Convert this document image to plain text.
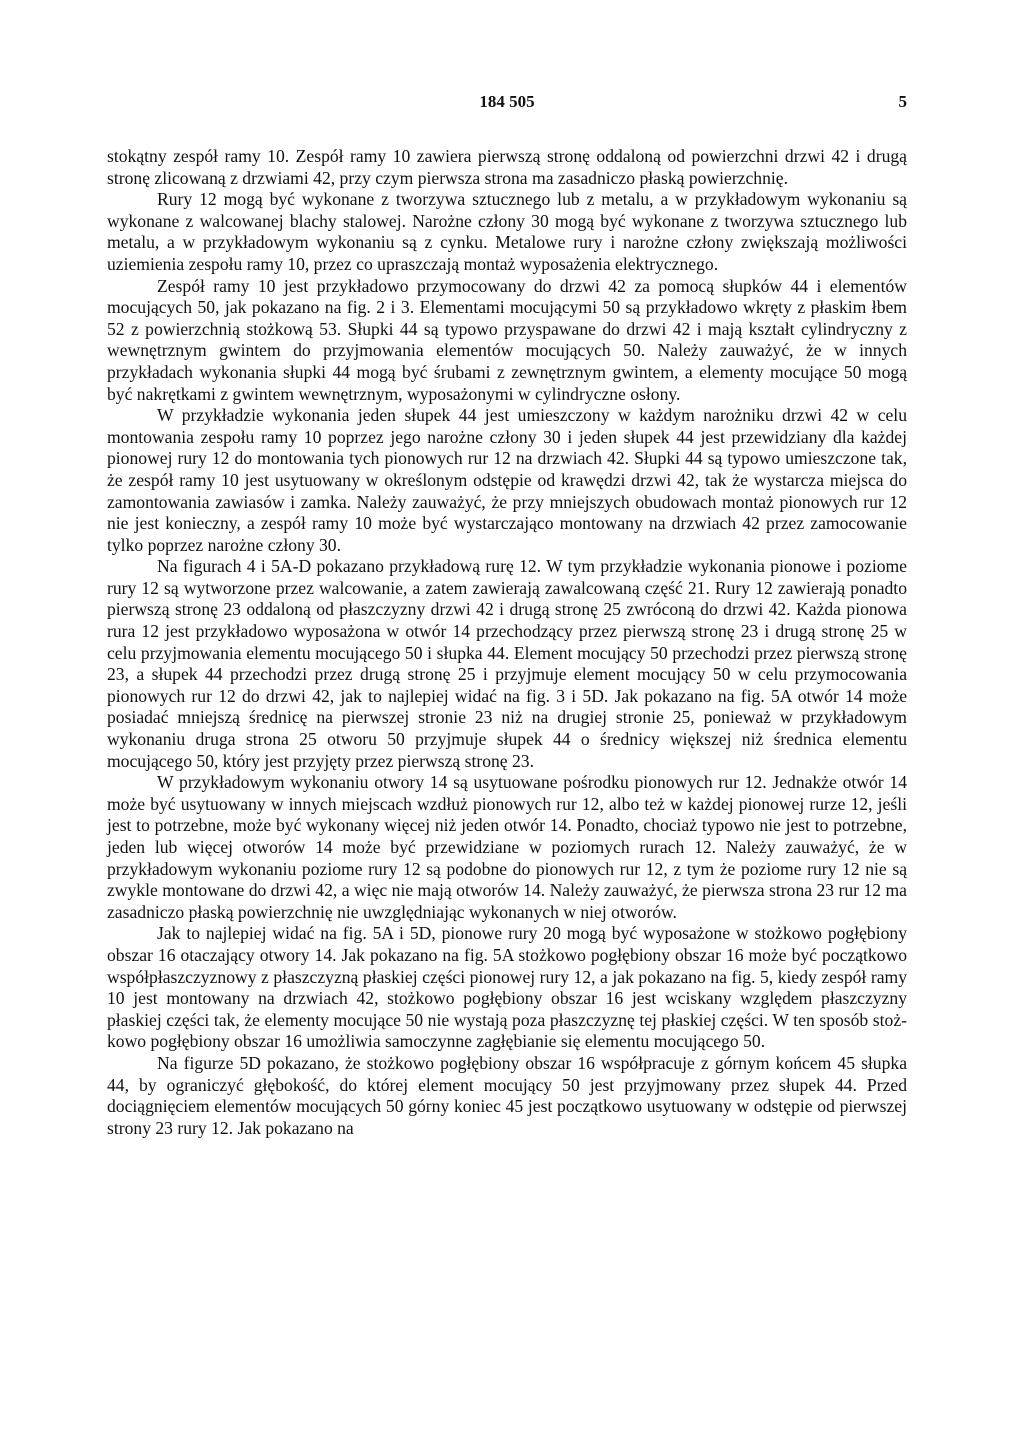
184 505	5

stokątny zespół ramy 10. Zespół ramy 10 zawiera pierwszą stronę oddaloną od powierzchni drzwi 42 i drugą stronę zlicowaną z drzwiami 42, przy czym pierwsza strona ma zasadniczo płaską powierzchnię.

Rury 12 mogą być wykonane z tworzywa sztucznego lub z metalu, a w przykładowym wykonaniu są wykonane z walcowanej blachy stalowej. Narożne człony 30 mogą być wykonane z tworzywa sztucznego lub metalu, a w przykładowym wykonaniu są z cynku. Metalowe rury i narożne człony zwiększają możliwości uziemienia zespołu ramy 10, przez co upraszczają montaż wyposażenia elektrycznego.

Zespół ramy 10 jest przykładowo przymocowany do drzwi 42 za pomocą słupków 44 i elementów mocujących 50, jak pokazano na fig. 2 i 3. Elementami mocującymi 50 są przykładowo wkręty z płaskim łbem 52 z powierzchnią stożkową 53. Słupki 44 są typowo przyspawane do drzwi 42 i mają kształt cylindryczny z wewnętrznym gwintem do przyjmowania elementów mocujących 50. Należy zauważyć, że w innych przykładach wykonania słupki 44 mogą być śrubami z zewnętrznym gwintem, a elementy mocujące 50 mogą być nakrętkami z gwintem wewnętrznym, wyposażonymi w cylindryczne osłony.

W przykładzie wykonania jeden słupek 44 jest umieszczony w każdym narożniku drzwi 42 w celu montowania zespołu ramy 10 poprzez jego narożne człony 30 i jeden słupek 44 jest przewidziany dla każdej pionowej rury 12 do montowania tych pionowych rur 12 na drzwiach 42. Słupki 44 są typowo umieszczone tak, że zespół ramy 10 jest usytuowany w określonym odstępie od krawędzi drzwi 42, tak że wystarcza miejsca do zamontowania zawiasów i zamka. Należy zauważyć, że przy mniejszych obudowach montaż pionowych rur 12 nie jest konieczny, a zespół ramy 10 może być wystarczająco montowany na drzwiach 42 przez zamocowanie tylko poprzez narożne człony 30.

Na figurach 4 i 5A-D pokazano przykładową rurę 12. W tym przykładzie wykonania pionowe i poziome rury 12 są wytworzone przez walcowanie, a zatem zawierają zawalcowaną część 21. Rury 12 zawierają ponadto pierwszą stronę 23 oddaloną od płaszczyzny drzwi 42 i drugą stronę 25 zwróconą do drzwi 42. Każda pionowa rura 12 jest przykładowo wyposażona w otwór 14 przechodzący przez pierwszą stronę 23 i drugą stronę 25 w celu przyjmowania elementu mocującego 50 i słupka 44. Element mocujący 50 przechodzi przez pierwszą stronę 23, a słupek 44 przechodzi przez drugą stronę 25 i przyjmuje element mocujący 50 w celu przymocowania pionowych rur 12 do drzwi 42, jak to najlepiej widać na fig. 3 i 5D. Jak pokazano na fig. 5A otwór 14 może posiadać mniejszą średnicę na pierwszej stronie 23 niż na drugiej stronie 25, ponieważ w przykładowym wykonaniu druga strona 25 otworu 50 przyjmuje słupek 44 o średnicy większej niż średnica elementu mocującego 50, który jest przyjęty przez pierwszą stronę 23.

W przykładowym wykonaniu otwory 14 są usytuowane pośrodku pionowych rur 12. Jednakże otwór 14 może być usytuowany w innych miejscach wzdłuż pionowych rur 12, albo też w każdej pionowej rurze 12, jeśli jest to potrzebne, może być wykonany więcej niż jeden otwór 14. Ponadto, chociaż typowo nie jest to potrzebne, jeden lub więcej otworów 14 może być przewidziane w poziomych rurach 12. Należy zauważyć, że w przykładowym wykonaniu poziome rury 12 są podobne do pionowych rur 12, z tym że poziome rury 12 nie są zwykle montowane do drzwi 42, a więc nie mają otworów 14. Należy zauważyć, że pierwsza strona 23 rur 12 ma zasadniczo płaską powierzchnię nie uwzględniając wykonanych w niej otworów.

Jak to najlepiej widać na fig. 5A i 5D, pionowe rury 20 mogą być wyposażone w stożkowo pogłębiony obszar 16 otaczający otwory 14. Jak pokazano na fig. 5A stożkowo pogłębiony obszar 16 może być początkowo współpłaszczyznowy z płaszczyzną płaskiej części pionowej rury 12, a jak pokazano na fig. 5, kiedy zespół ramy 10 jest montowany na drzwiach 42, stożkowo pogłębiony obszar 16 jest wciskany względem płaszczyzny płaskiej części tak, że elementy mocujące 50 nie wystają poza płaszczyznę tej płaskiej części. W ten sposób stożkowo pogłębiony obszar 16 umożliwia samoczynne zagłębianie się elementu mocującego 50.

Na figurze 5D pokazano, że stożkowo pogłębiony obszar 16 współpracuje z górnym końcem 45 słupka 44, by ograniczyć głębokość, do której element mocujący 50 jest przyjmowany przez słupek 44. Przed dociągnięciem elementów mocujących 50 górny koniec 45 jest początkowo usytuowany w odstępie od pierwszej strony 23 rury 12. Jak pokazano na
